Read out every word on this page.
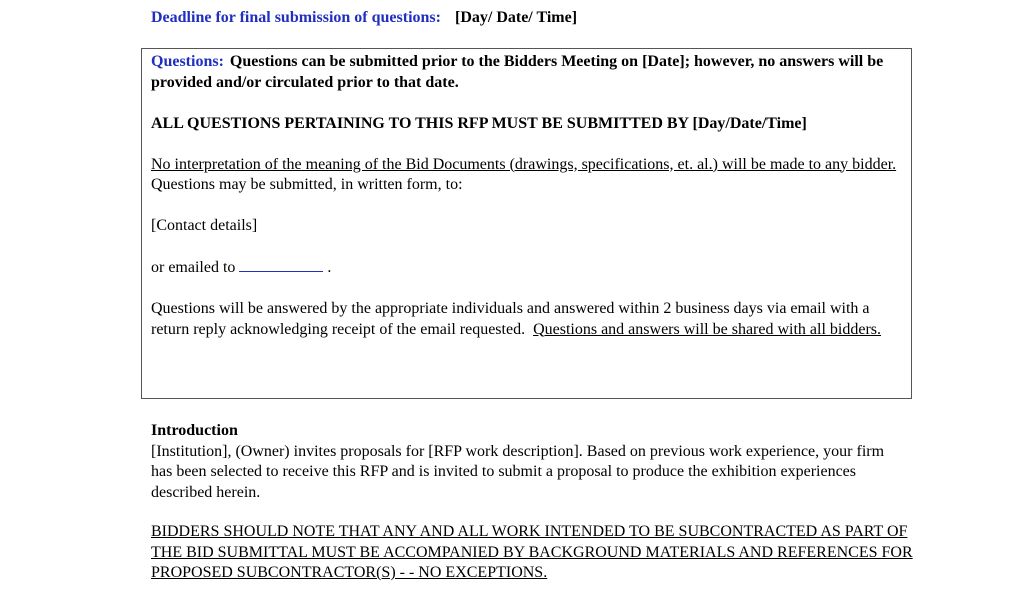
Deadline for final submission of questions: [Day/ Date/ Time]

Questions: Questions can be submitted prior to the Bidders Meeting on [Date]; however, no answers will be provided and/or circulated prior to that date.

ALL QUESTIONS PERTAINING TO THIS RFP MUST BE SUBMITTED BY [Day/Date/Time]

No interpretation of the meaning of the Bid Documents (drawings, specifications, et. al.) will be made to any bidder.  Questions may be submitted, in written form, to:

[Contact details]

or emailed to	.

Questions will be answered by the appropriate individuals and answered within 2 business days via email with a return reply acknowledging receipt of the email requested. Questions and answers will be shared with all bidders.

Introduction

[Institution], (Owner) invites proposals for [RFP work description]. Based on previous work experience, your firm has been selected to receive this RFP and is invited to submit a proposal to produce the exhibition experiences described herein.

BIDDERS SHOULD NOTE THAT ANY AND ALL WORK INTENDED TO BE SUBCONTRACTED AS PART OF THE BID SUBMITTAL MUST BE ACCOMPANIED BY BACKGROUND MATERIALS AND REFERENCES FOR PROPOSED SUBCONTRACTOR(S) - - NO EXCEPTIONS.
